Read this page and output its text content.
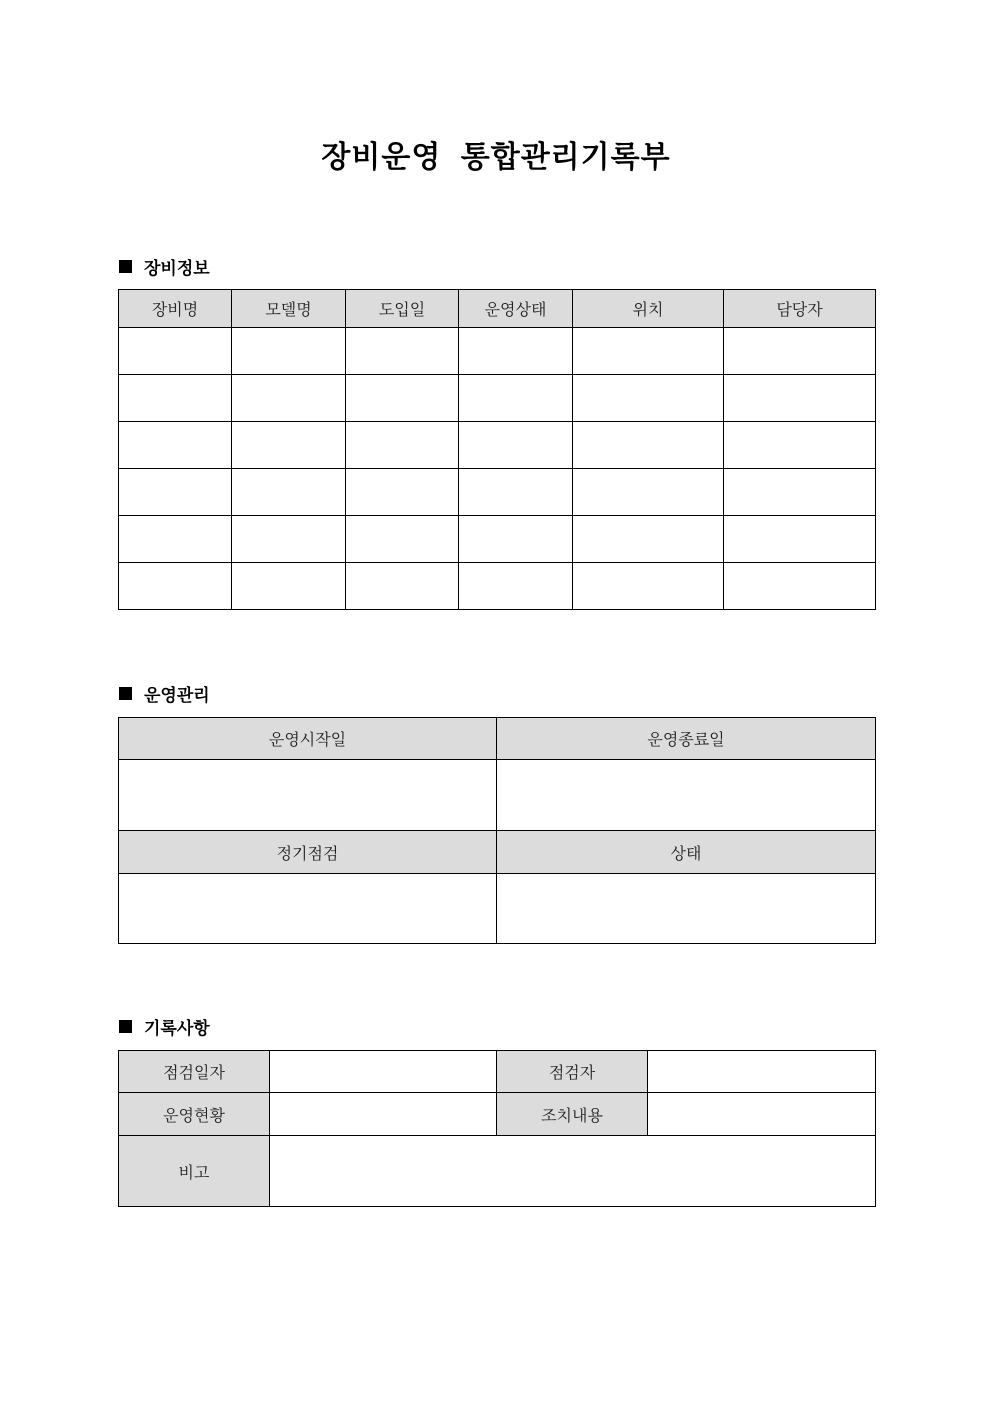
장비운영 통합관리기록부
장비정보
장비명	모델명	도입일	운영상태	위치	담당자

운영관리
운영시작일	운영종료일

정기점검	상태

기록사항
점검일자		점검자	
운영현황		조치내용	
비고			
